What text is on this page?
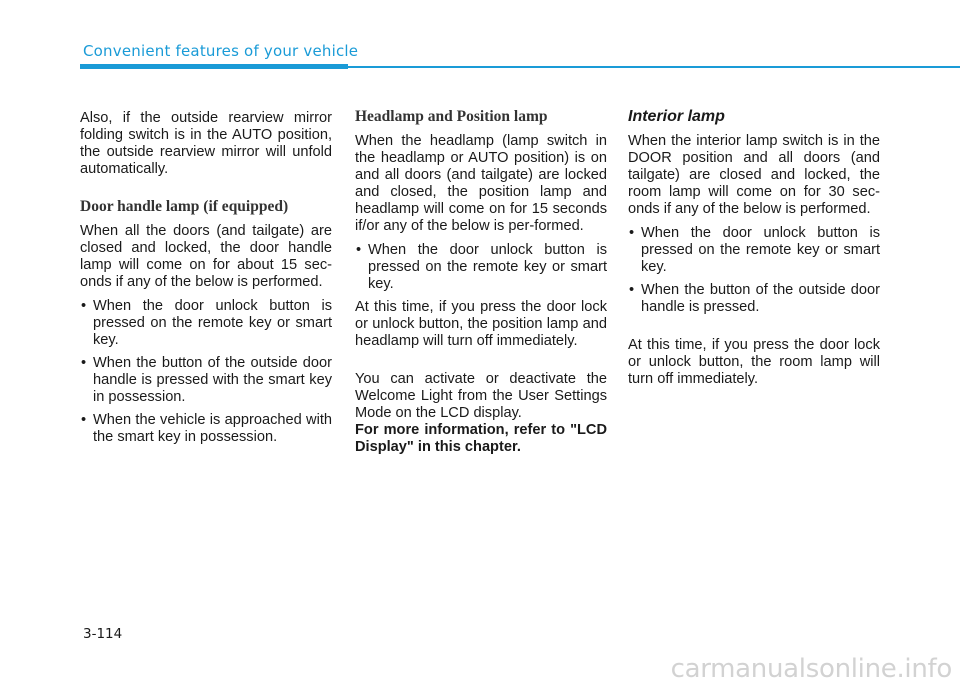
Convenient features of your vehicle

Also, if the outside rearview mirror folding switch is in the AUTO position, the outside rearview mirror will unfold automatically.

Door handle lamp (if equipped)

When all the doors (and tailgate) are closed and locked, the door handle lamp will come on for about 15 sec-onds if any of the below is performed.

• When the door unlock button is pressed on the remote key or smart key.
• When the button of the outside door handle is pressed with the smart key in possession.
• When the vehicle is approached with the smart key in possession.
Headlamp and Position lamp

When the headlamp (lamp switch in the headlamp or AUTO position) is on and all doors (and tailgate) are locked and closed, the position lamp and headlamp will come on for 15 seconds if/or any of the below is per-formed.

• When the door unlock button is pressed on the remote key or smart key.

At this time, if you press the door lock or unlock button, the position lamp and headlamp will turn off immediately.

You can activate or deactivate the Welcome Light from the User Settings Mode on the LCD display.

For more information, refer to "LCD Display" in this chapter.

Interior lamp

When the interior lamp switch is in the DOOR position and all doors (and tailgate) are closed and locked, the room lamp will come on for 30 sec-onds if any of the below is performed.

• When the door unlock button is pressed on the remote key or smart key.
• When the button of the outside door handle is pressed.

At this time, if you press the door lock or unlock button, the room lamp will turn off immediately.

3-114
carmanualsonline.info
